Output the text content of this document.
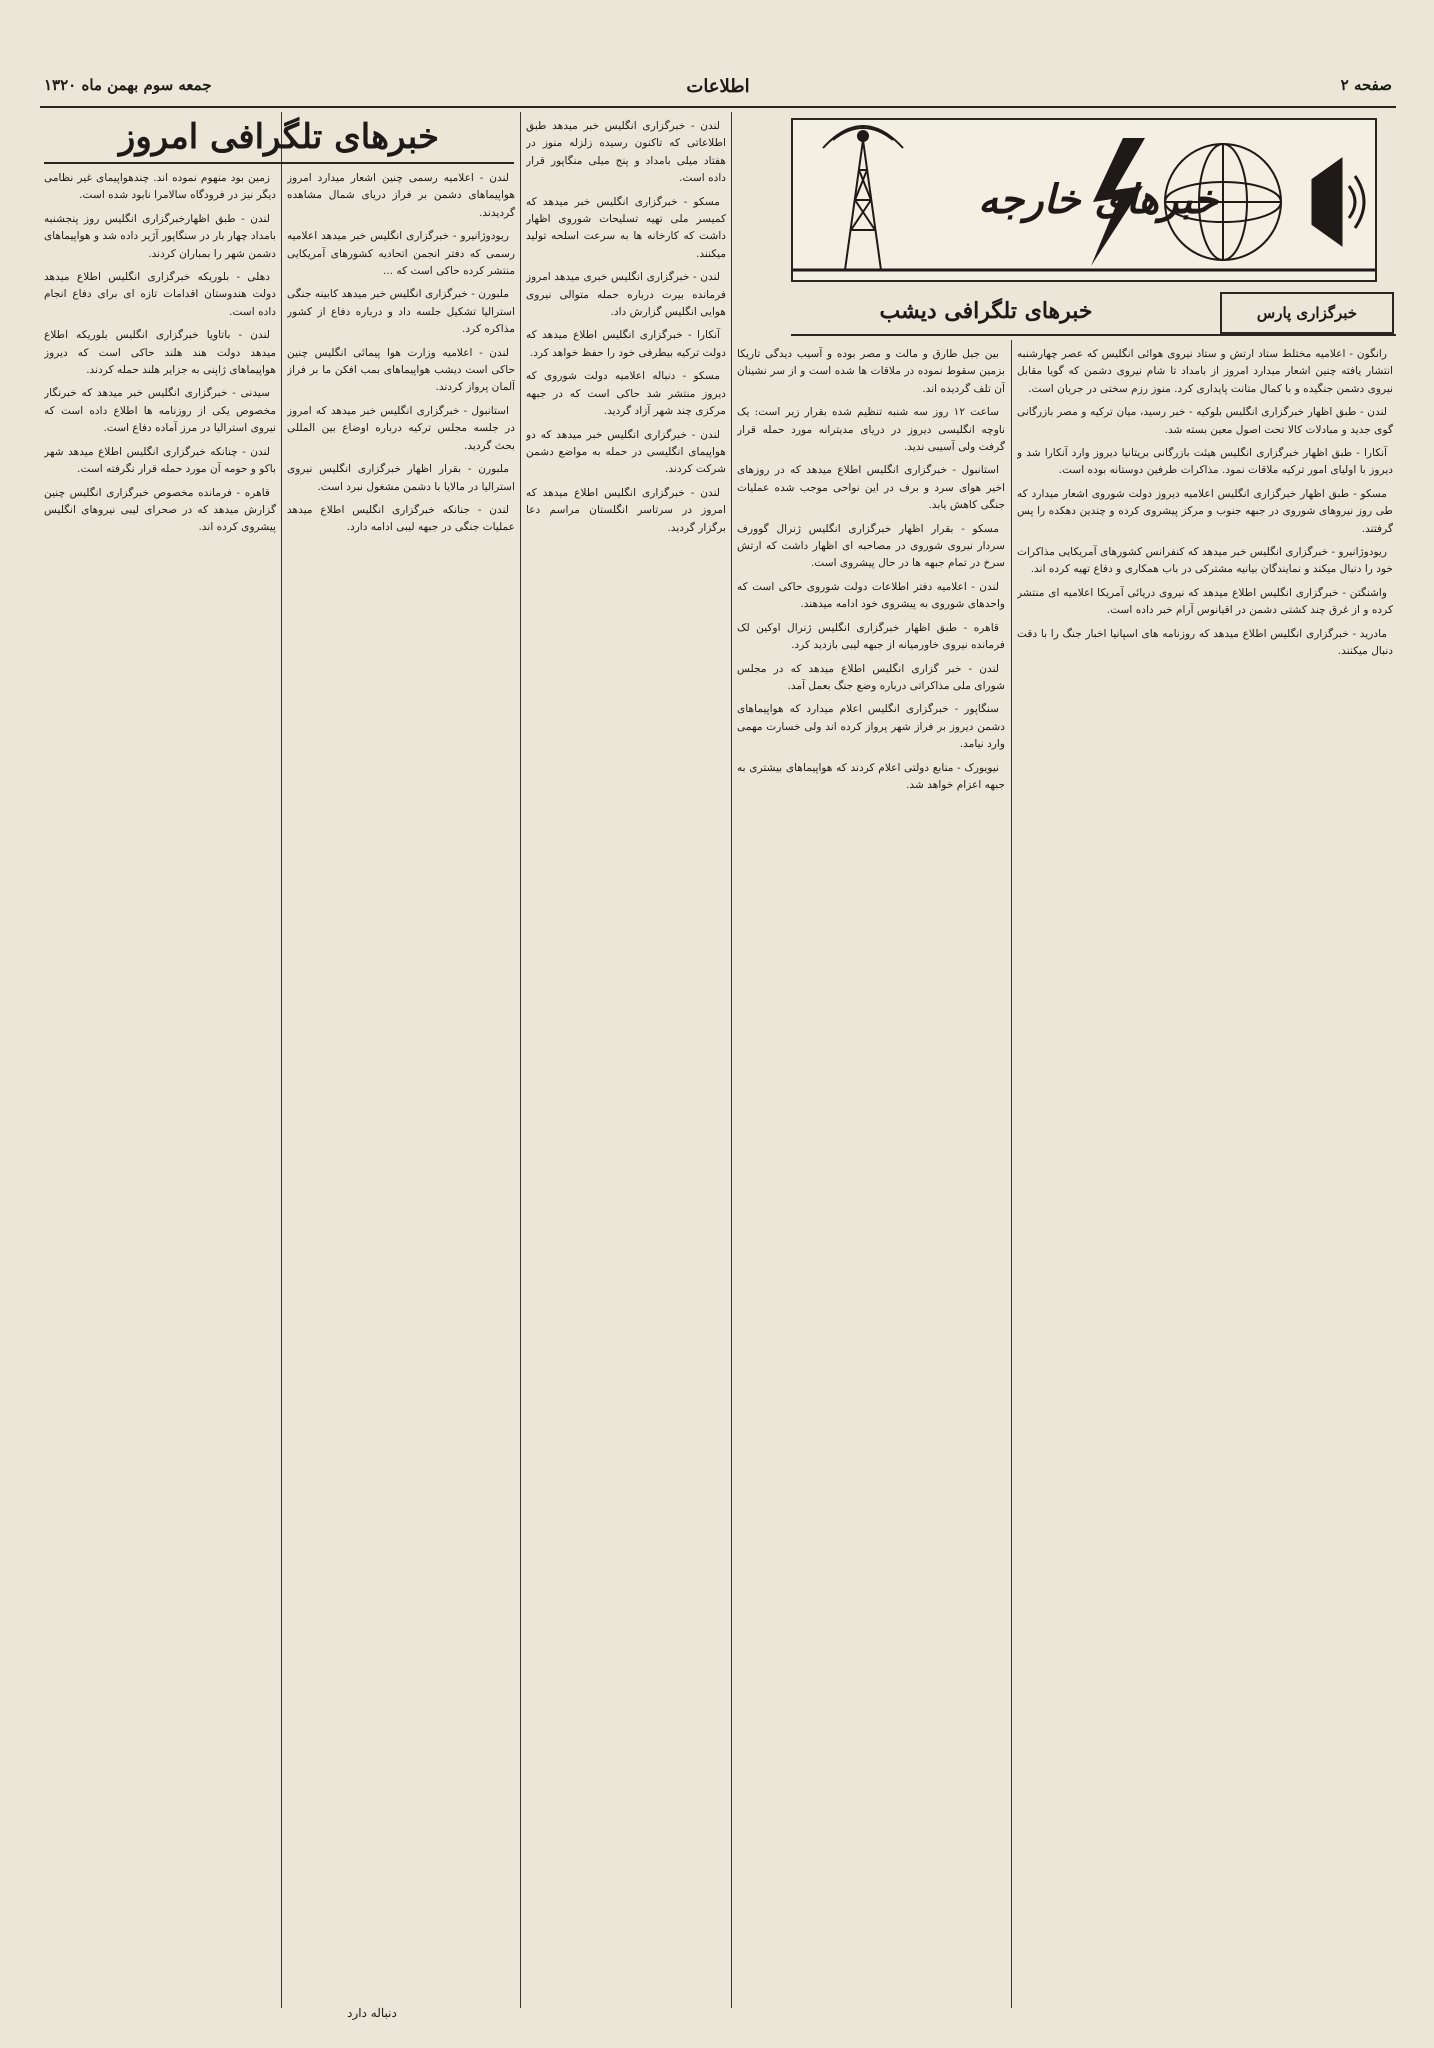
صفحه ۲
اطلاعات
جمعه سوم بهمن ماه ۱۳۲۰
خبرهای تلگرافی امروز
خبرهای خارجه
خبرگزاری پارس
خبرهای تلگرافی دیشب

رانگون - اعلامیه مختلط ستاد ارتش و ستاد نیروی هوائی انگلیس که عصر چهارشنبه انتشار یافته چنین اشعار میدارد امروز از بامداد تا شام نیروی دشمن که گویا مقابل نیروی دشمن جنگیده و با کمال متانت پایداری کرد. منوز رزم سختی در جریان است.

لندن - طبق اظهار خبرگزاری انگلیس بلوکیه - خبر رسید، میان ترکیه و مصر بازرگانی گوی جدید و مبادلات کالا تحت اصول معین بسته شد.

آنکارا - طبق اظهار خبرگزاری انگلیس هیئت بازرگانی بریتانیا دیروز وارد آنکارا شد و دیروز با اولیای امور ترکیه ملاقات نمود. مذاکرات طرفین دوستانه بوده است.

مسکو - طبق اظهار خبرگزاری انگلیس اعلامیه دیروز دولت شوروی اشعار میدارد که طی روز نیروهای شوروی در جبهه جنوب و مرکز پیشروی کرده و چندین دهکده را پس گرفتند.

ریودوژانیرو - خبرگزاری انگلیس خبر میدهد که کنفرانس کشورهای آمریکایی مذاکرات خود را دنبال میکند و نمایندگان بیانیه مشترکی در باب همکاری و دفاع تهیه کرده اند.

واشنگتن - خبرگزاری انگلیس اطلاع میدهد که نیروی دریائی آمریکا اعلامیه ای منتشر کرده و از غرق چند کشتی دشمن در اقیانوس آرام خبر داده است.

مادرید - خبرگزاری انگلیس اطلاع میدهد که روزنامه های اسپانیا اخبار جنگ را با دقت دنبال میکنند.

بین جبل طارق و مالت و مصر بوده و آسیب دیدگی تاریکا بزمین سقوط نموده در ملاقات ها شده است و از سر نشینان آن تلف گردیده اند.

ساعت ۱۲ روز سه شنبه تنظیم شده بقرار زیر است: یک ناوچه انگلیسی دیروز در دریای مدیترانه مورد حمله قرار گرفت ولی آسیبی ندید.

استانبول - خبرگزاری انگلیس اطلاع میدهد که در روزهای اخیر هوای سرد و برف در این نواحی موجب شده عملیات جنگی کاهش یابد.

مسکو - بقرار اظهار خبرگزاری انگلیس ژنرال گوورف سردار نیروی شوروی در مصاحبه ای اظهار داشت که ارتش سرخ در تمام جبهه ها در حال پیشروی است.

لندن - اعلامیه دفتر اطلاعات دولت شوروی حاکی است که واحدهای شوروی به پیشروی خود ادامه میدهند.

قاهره - طبق اظهار خبرگزاری انگلیس ژنرال اوکین لک فرمانده نیروی خاورمیانه از جبهه لیبی بازدید کرد.

لندن - خبر گزاری انگلیس اطلاع میدهد که در مجلس شورای ملی مذاکراتی درباره وضع جنگ بعمل آمد.

سنگاپور - خبرگزاری انگلیس اعلام میدارد که هواپیماهای دشمن دیروز بر فراز شهر پرواز کرده اند ولی خسارت مهمی وارد نیامد.

نیویورک - منابع دولتی اعلام کردند که هواپیماهای بیشتری به جبهه اعزام خواهد شد.

لندن - خبرگزاری انگلیس خبر میدهد طبق اطلاعاتی که تاکنون رسیده زلزله منوز در هفتاد میلی بامداد و پنج میلی منگاپور قرار داده است.

مسکو - خبرگزاری انگلیس خبر میدهد که کمیسر ملی تهیه تسلیحات شوروی اظهار داشت که کارخانه ها به سرعت اسلحه تولید میکنند.

لندن - خبرگزاری انگلیس خبری میدهد امروز فرمانده بیرت درباره حمله متوالی نیروی هوایی انگلیس گزارش داد.

آنکارا - خبرگزاری انگلیس اطلاع میدهد که دولت ترکیه بیطرفی خود را حفظ خواهد کرد.

مسکو - دنباله اعلامیه دولت شوروی که دیروز منتشر شد حاکی است که در جبهه مرکزی چند شهر آزاد گردید.

لندن - خبرگزاری انگلیس خبر میدهد که دو هواپیمای انگلیسی در حمله به مواضع دشمن شرکت کردند.

لندن - خبرگزاری انگلیس اطلاع میدهد که امروز در سرتاسر انگلستان مراسم دعا برگزار گردید.

لندن - اعلامیه رسمی چنین اشعار میدارد امروز هواپیماهای دشمن بر فراز دریای شمال مشاهده گردیدند.

ریودوژانیرو - خبرگزاری انگلیس خبر میدهد اعلامیه رسمی که دفتر انجمن اتحادیه کشورهای آمریکایی منتشر کرده حاکی است که ...

ملبورن - خبرگزاری انگلیس خبر میدهد کابینه جنگی استرالیا تشکیل جلسه داد و درباره دفاع از کشور مذاکره کرد.

لندن - اعلامیه وزارت هوا پیمائی انگلیس چنین حاکی است دیشب هواپیماهای بمب افکن ما بر فراز آلمان پرواز کردند.

استانبول - خبرگزاری انگلیس خبر میدهد که امروز در جلسه مجلس ترکیه درباره اوضاع بین المللی بحث گردید.

ملبورن - بقرار اظهار خبرگزاری انگلیس نیروی استرالیا در مالایا با دشمن مشغول نبرد است.

لندن - جنانکه خبرگزاری انگلیس اطلاع میدهد عملیات جنگی در جبهه لیبی ادامه دارد.

زمین بود منهوم نموده اند. چندهواپیمای غیر نظامی دیگر نیز در فرودگاه سالامرا نابود شده است.

لندن - طبق اظهارخبرگزاری انگلیس روز پنجشنبه بامداد چهار بار در سنگاپور آژیر داده شد و هواپیماهای دشمن شهر را بمباران کردند.

دهلی - بلوریکه خبرگزاری انگلیس اطلاع میدهد دولت هندوستان اقدامات تازه ای برای دفاع انجام داده است.

لندن - باتاویا خبرگزاری انگلیس بلوریکه اطلاع میدهد دولت هند هلند حاکی است که دیروز هواپیماهای ژاپنی به جزایر هلند حمله کردند.

سیدنی - خبرگزاری انگلیس خبر میدهد که خبرنگار مخصوص یکی از روزنامه ها اطلاع داده است که نیروی استرالیا در مرز آماده دفاع است.

لندن - چنانکه خبرگزاری انگلیس اطلاع میدهد شهر باکو و حومه آن مورد حمله قرار نگرفته است.

قاهره - فرمانده مخصوص خبرگزاری انگلیس چنین گزارش میدهد که در صحرای لیبی نیروهای انگلیس پیشروی کرده اند.

دنباله دارد
